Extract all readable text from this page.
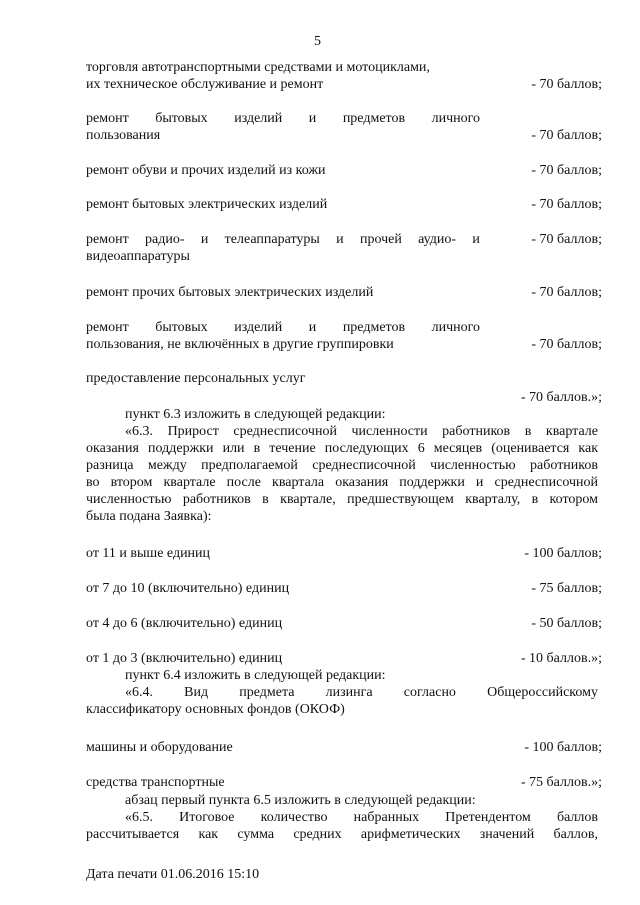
5
торговля автотранспортными средствами и мотоциклами,
их техническое обслуживание и ремонт	- 70 баллов;
ремонт бытовых изделий и предметов личного
пользования	- 70 баллов;
ремонт обуви и прочих изделий из кожи	- 70 баллов;
ремонт бытовых электрических изделий	- 70 баллов;
ремонт радио- и телеаппаратуры и прочей аудио- и
видеоаппаратуры
- 70 баллов;
ремонт прочих бытовых электрических изделий	- 70 баллов;
ремонт бытовых изделий и предметов личного
пользования, не включённых в другие группировки	- 70 баллов;
предоставление персональных услуг
- 70 баллов.»;
пункт 6.3 изложить в следующей редакции:
«6.3. Прирост среднесписочной численности работников в квартале
оказания поддержки или в течение последующих 6 месяцев (оценивается как
разница между предполагаемой среднесписочной численностью работников
во втором квартале после квартала оказания поддержки и среднесписочной
численностью работников в квартале, предшествующем кварталу, в котором
была подана Заявка):
от 11 и выше единиц	- 100 баллов;
от 7 до 10 (включительно) единиц	- 75 баллов;
от 4 до 6 (включительно) единиц	- 50 баллов;
от 1 до 3 (включительно) единиц	- 10 баллов.»;
пункт 6.4 изложить в следующей редакции:
«6.4. Вид предмета лизинга согласно Общероссийскому
классификатору основных фондов (ОКОФ)
машины и оборудование	- 100 баллов;
средства транспортные	- 75 баллов.»;
абзац первый пункта 6.5 изложить в следующей редакции:
«6.5. Итоговое количество набранных Претендентом баллов
рассчитывается как сумма средних арифметических значений баллов,
Дата печати 01.06.2016 15:10
